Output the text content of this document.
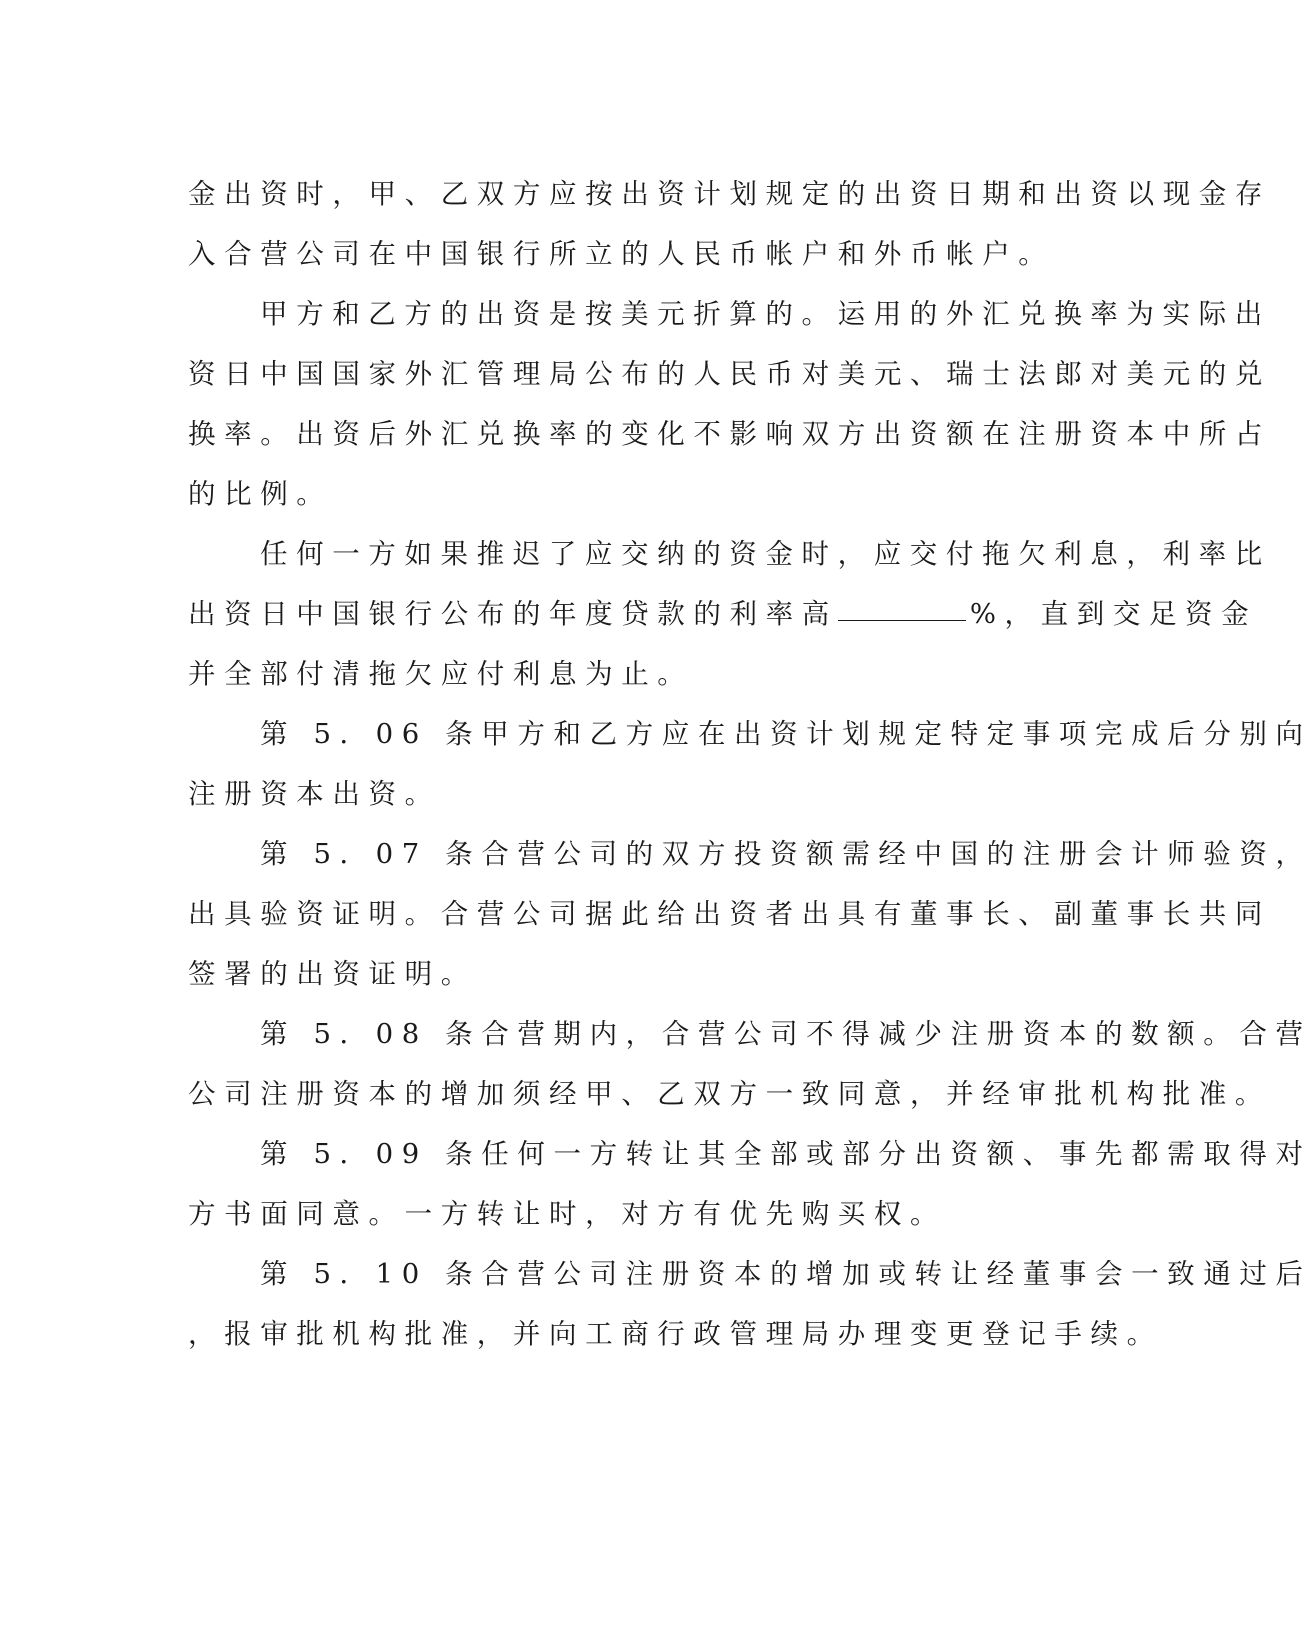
金出资时，甲、乙双方应按出资计划规定的出资日期和出资以现金存
入合营公司在中国银行所立的人民币帐户和外币帐户。
甲方和乙方的出资是按美元折算的。运用的外汇兑换率为实际出
资日中国国家外汇管理局公布的人民币对美元、瑞士法郎对美元的兑
换率。出资后外汇兑换率的变化不影响双方出资额在注册资本中所占
的比例。
任何一方如果推迟了应交纳的资金时，应交付拖欠利息，利率比
出资日中国银行公布的年度贷款的利率高	%，直到交足资金
并全部付清拖欠应付利息为止。
第 5．06 条甲方和乙方应在出资计划规定特定事项完成后分别向
注册资本出资。
第 5．07 条合营公司的双方投资额需经中国的注册会计师验资，
出具验资证明。合营公司据此给出资者出具有董事长、副董事长共同
签署的出资证明。
第 5．08 条合营期内，合营公司不得减少注册资本的数额。合营
公司注册资本的增加须经甲、乙双方一致同意，并经审批机构批准。
第 5．09 条任何一方转让其全部或部分出资额、事先都需取得对
方书面同意。一方转让时，对方有优先购买权。
第 5．10 条合营公司注册资本的增加或转让经董事会一致通过后
，报审批机构批准，并向工商行政管理局办理变更登记手续。
